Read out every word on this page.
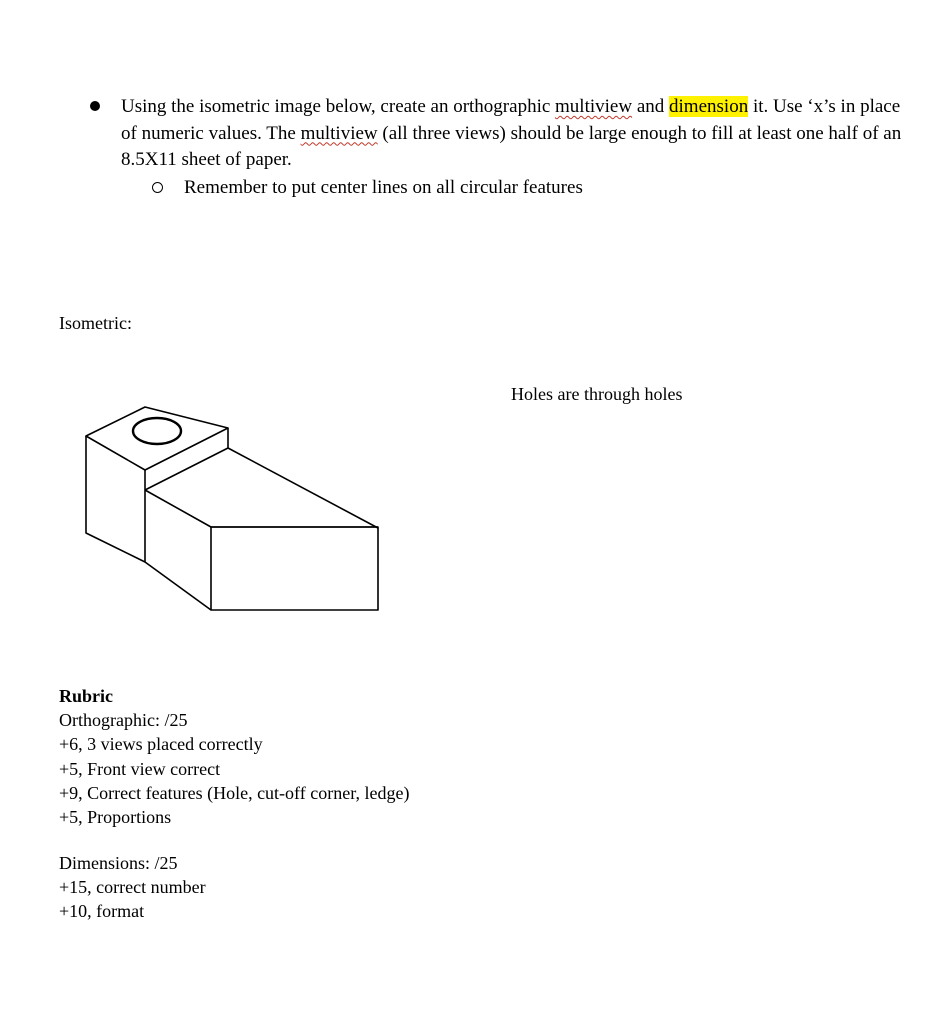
Using the isometric image below, create an orthographic multiview and dimension it. Use ‘x’s in place of numeric values. The multiview (all three views) should be large enough to fill at least one half of an 8.5X11 sheet of paper.
Remember to put center lines on all circular features
Isometric:
Holes are through holes
Rubric
Orthographic: /25
+6, 3 views placed correctly
+5, Front view correct
+9, Correct features (Hole, cut-off corner, ledge)
+5, Proportions
Dimensions: /25
+15, correct number
+10, format
